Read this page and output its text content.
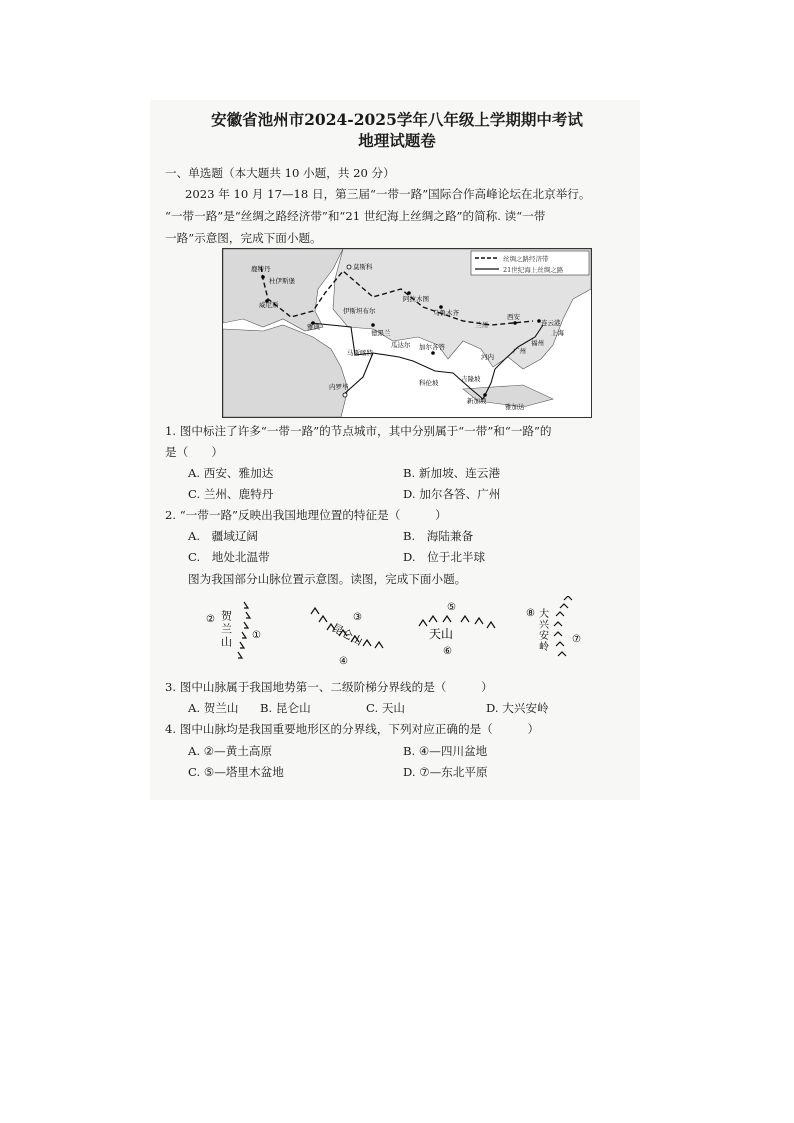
安徽省池州市2024-2025学年八年级上学期期中考试
地理试题卷
一、单选题（本大题共 10 小题，共 20 分）
2023 年 10 月 17—18 日，第三届“一带一路”国际合作高峰论坛在北京举行。
“一带一路”是“丝绸之路经济带”和“21 世纪海上丝绸之路”的简称. 读“一带
一路”示意图，完成下面小题。
丝绸之路经济带
21世纪海上丝绸之路
莫斯科
鹿特丹
杜伊斯堡
威尼斯
雅典
伊斯坦布尔
德黑兰
阿拉木图
乌鲁木齐
兰州
西安
连云港
上海
福州
广州
河内
瓜达尔 加尔各答
马斯喀特
科伦坡	吉隆坡
新加坡
雅加达
内罗毕
1. 图中标注了许多“一带一路”的节点城市，其中分别属于“一带”和“一路”的
是（　　）
A. 西安、雅加达	B. 新加坡、连云港
C. 兰州、鹿特丹	D. 加尔各答、广州
2. “一带一路”反映出我国地理位置的特征是（　　　）
A.　疆域辽阔	B.　海陆兼备
C.　地处北温带	D.　位于北半球
图为我国部分山脉位置示意图。读图，完成下面小题。
②
①
贺兰山	③
④
昆仑山
⑤
⑥
天山
⑧
⑦
大兴安岭
3. 图中山脉属于我国地势第一、二级阶梯分界线的是（　　　）
A. 贺兰山 B. 昆仑山	C. 天山	D. 大兴安岭
4. 图中山脉均是我国重要地形区的分界线，下列对应正确的是（　　　）
A. ②—黄土高原	B. ④—四川盆地
C. ⑤—塔里木盆地	D. ⑦—东北平原
